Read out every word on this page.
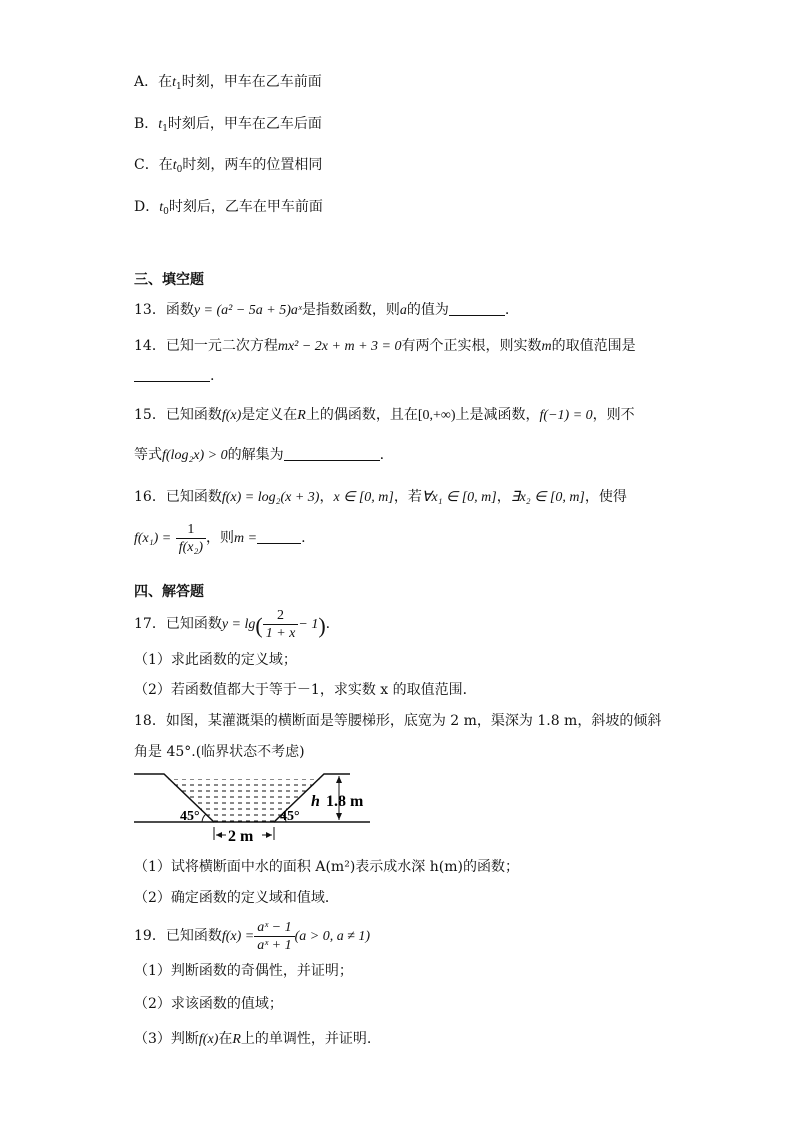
A．在$t_1$时刻，甲车在乙车前面
B．$t_1$时刻后，甲车在乙车后面
C．在$t_0$时刻，两车的位置相同
D．$t_0$时刻后，乙车在甲车前面
三、填空题
13．函数y = (a² − 5a + 5)aˣ是指数函数，则a的值为	.
14．已知一元二次方程mx² − 2x + m + 3 = 0有两个正实根，则实数m的取值范围是
.
15．已知函数f(x)是定义在R上的偶函数，且在[0,+∞)上是减函数，f(−1) = 0，则不
等式f(log₂x) > 0的解集为	.
16．已知函数f(x) = log₂(x + 3)，x ∈ [0, m]，若∀x₁ ∈ [0, m]，∃x₂ ∈ [0, m]，使得
$f(x_1) = \frac{1}{\text{f(x₂)}}$ ，则m =	.
四、解答题
17．已知函数$y = \lg( \frac{2}{1 + x} - 1)$.
（1）求此函数的定义域；
（2）若函数值都大于等于－1，求实数 x 的取值范围．
18．如图，某灌溉渠的横断面是等腰梯形，底宽为 2 m，渠深为 1.8 m，斜坡的倾斜
角是 45°.(临界状态不考虑)
45°	45°
h 1.8 m
2 m
（1）试将横断面中水的面积 A(m²)表示成水深 h(m)的函数；
（2）确定函数的定义域和值域．
19．已知函数$f(x) = \frac{\text{aˣ − 1}}{\text{aˣ + 1}} (a > 0$, a ≠ 1)
（1）判断函数的奇偶性，并证明；
（2）求该函数的值域；
（3）判断f(x)在R上的单调性，并证明.
